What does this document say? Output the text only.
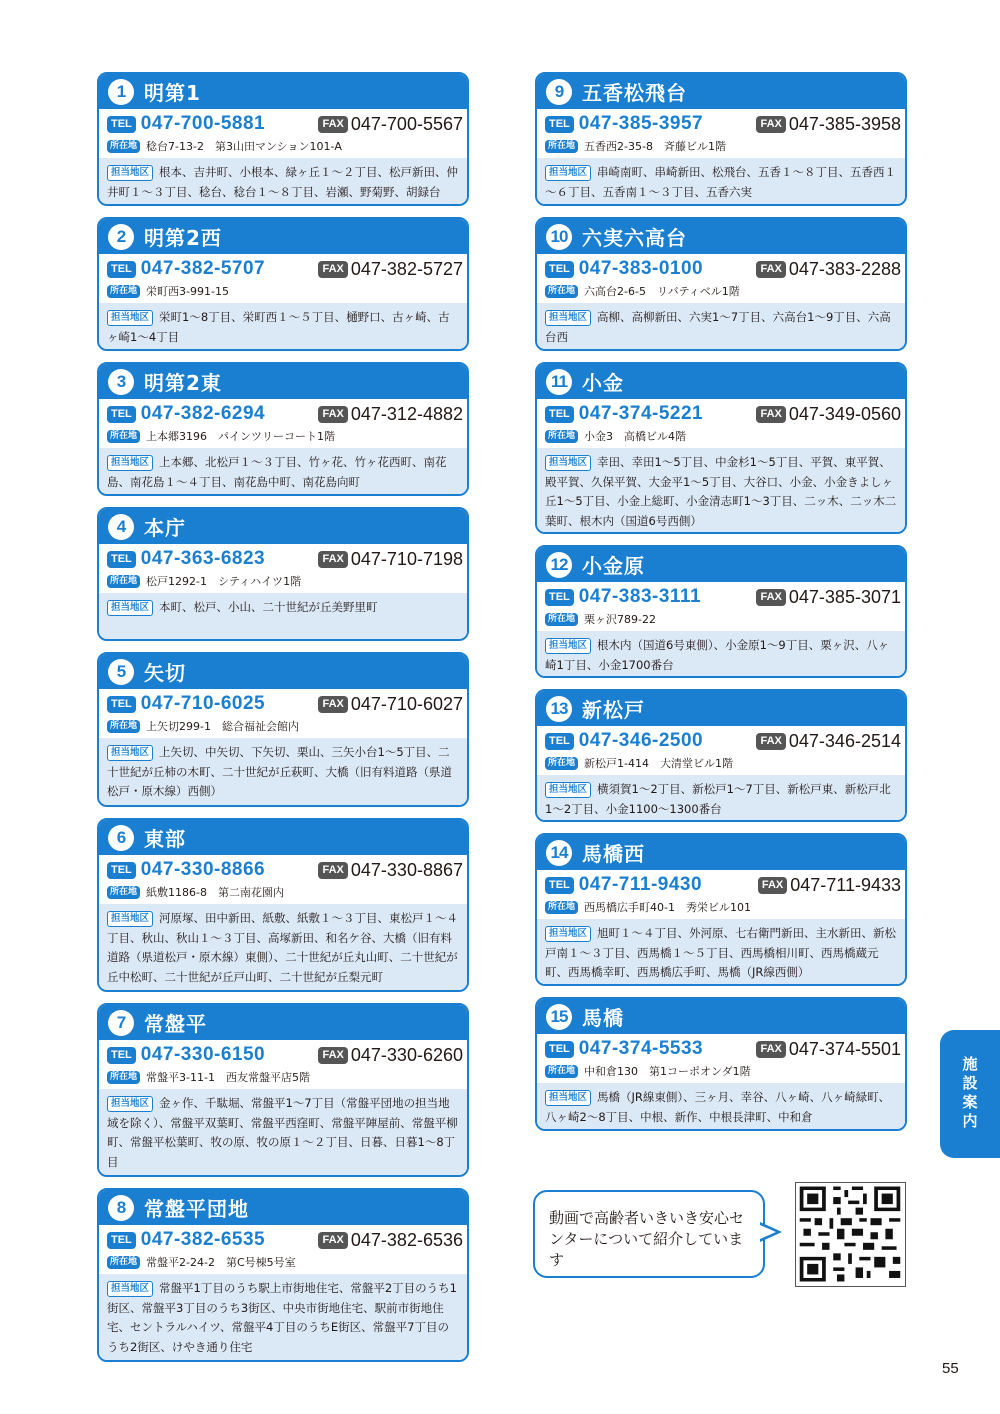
1 明第1
TEL 047-700-5881	FAX 047-700-5567
所在地 稔台7-13-2　第3山田マンション101-A
担当地区 根本、吉井町、小根本、緑ヶ丘１～２丁目、松戸新田、仲井町１～３丁目、稔台、稔台１～８丁目、岩瀬、野菊野、胡録台
2 明第2西
TEL 047-382-5707	FAX 047-382-5727
所在地 栄町西3-991-15
担当地区 栄町1～8丁目、栄町西１～５丁目、樋野口、古ヶ崎、古ヶ崎1～4丁目
3 明第2東
TEL 047-382-6294	FAX 047-312-4882
所在地 上本郷3196　パインツリーコート1階
担当地区 上本郷、北松戸１～３丁目、竹ヶ花、竹ヶ花西町、南花島、南花島１～４丁目、南花島中町、南花島向町
4 本庁
TEL 047-363-6823	FAX 047-710-7198
所在地 松戸1292-1　シティハイツ1階
担当地区 本町、松戸、小山、二十世紀が丘美野里町
5 矢切
TEL 047-710-6025	FAX 047-710-6027
所在地 上矢切299-1　総合福祉会館内
担当地区 上矢切、中矢切、下矢切、栗山、三矢小台1～5丁目、二十世紀が丘柿の木町、二十世紀が丘萩町、大橋（旧有料道路（県道松戸・原木線）西側）
6 東部
TEL 047-330-8866	FAX 047-330-8867
所在地 紙敷1186-8　第二南花園内
担当地区 河原塚、田中新田、紙敷、紙敷１～３丁目、東松戸１～４丁目、秋山、秋山１～３丁目、高塚新田、和名ケ谷、大橋（旧有料道路（県道松戸・原木線）東側）、二十世紀が丘丸山町、二十世紀が丘中松町、二十世紀が丘戸山町、二十世紀が丘梨元町
7 常盤平
TEL 047-330-6150	FAX 047-330-6260
所在地 常盤平3-11-1　西友常盤平店5階
担当地区 金ヶ作、千駄堀、常盤平1～7丁目（常盤平団地の担当地域を除く）、常盤平双葉町、常盤平西窪町、常盤平陣屋前、常盤平柳町、常盤平松葉町、牧の原、牧の原１～２丁目、日暮、日暮1～8丁目
8 常盤平団地
TEL 047-382-6535	FAX 047-382-6536
所在地 常盤平2-24-2　第C号棟5号室
担当地区 常盤平1丁目のうち駅上市街地住宅、常盤平2丁目のうち1街区、常盤平3丁目のうち3街区、中央市街地住宅、駅前市街地住宅、セントラルハイツ、常盤平4丁目のうちE街区、常盤平7丁目のうち2街区、けやき通り住宅
9 五香松飛台
TEL 047-385-3957	FAX 047-385-3958
所在地 五香西2-35-8　斉藤ビル1階
担当地区 串崎南町、串崎新田、松飛台、五香１～８丁目、五香西１～６丁目、五香南１～３丁目、五香六実
10 六実六高台
TEL 047-383-0100	FAX 047-383-2288
所在地 六高台2-6-5　リバティベル1階
担当地区 高柳、高柳新田、六実1～7丁目、六高台1～9丁目、六高台西
11 小金
TEL 047-374-5221	FAX 047-349-0560
所在地 小金3　高橋ビル4階
担当地区 幸田、幸田1～5丁目、中金杉1～5丁目、平賀、東平賀、殿平賀、久保平賀、大金平1～5丁目、大谷口、小金、小金きよしヶ丘1～5丁目、小金上総町、小金清志町1～3丁目、二ッ木、二ッ木二葉町、根木内（国道6号西側）
12 小金原
TEL 047-383-3111	FAX 047-385-3071
所在地 栗ヶ沢789-22
担当地区 根木内（国道6号東側）、小金原1～9丁目、栗ヶ沢、八ヶ崎1丁目、小金1700番台
13 新松戸
TEL 047-346-2500	FAX 047-346-2514
所在地 新松戸1-414　大清堂ビル1階
担当地区 横須賀1～2丁目、新松戸1～7丁目、新松戸東、新松戸北1～2丁目、小金1100～1300番台
14 馬橋西
TEL 047-711-9430	FAX 047-711-9433
所在地 西馬橋広手町40-1　秀栄ビル101
担当地区 旭町１～４丁目、外河原、七右衛門新田、主水新田、新松戸南１～３丁目、西馬橋１～５丁目、西馬橋相川町、西馬橋蔵元町、西馬橋幸町、西馬橋広手町、馬橋（JR線西側）
15 馬橋
TEL 047-374-5533	FAX 047-374-5501
所在地 中和倉130　第1コーポオンダ1階
担当地区 馬橋（JR線東側）、三ヶ月、幸谷、八ヶ崎、八ヶ崎緑町、八ヶ崎2～8丁目、中根、新作、中根長津町、中和倉	施設案内
動画で高齢者いきいき安心センターについて紹介しています
55
